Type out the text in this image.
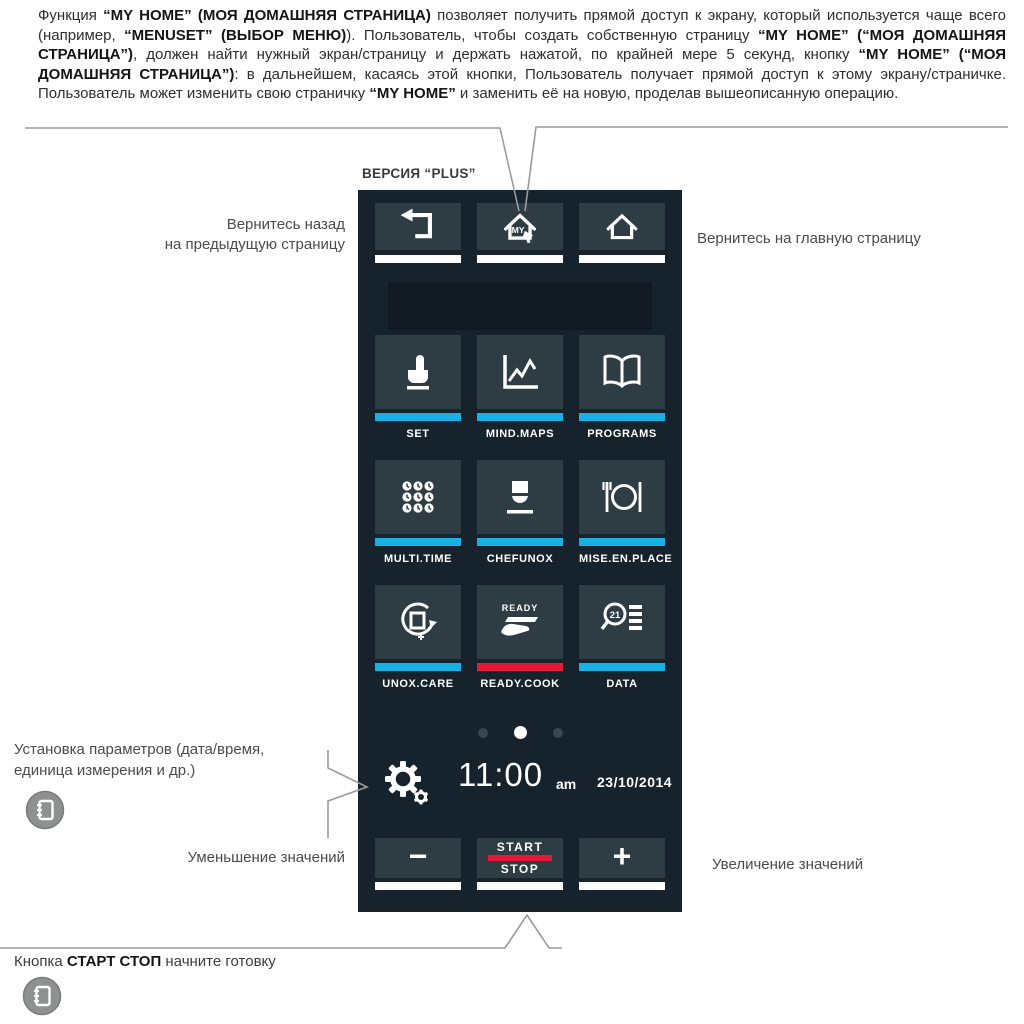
Функция “MY HOME” (МОЯ ДОМАШНЯЯ СТРАНИЦА) позволяет получить прямой доступ к экрану, который используется чаще всего (например, “MENUSET” (ВЫБОР МЕНЮ)). Пользователь, чтобы создать собственную страницу “MY HOME” (“МОЯ ДОМАШНЯЯ СТРАНИЦА”), должен найти нужный экран/страницу и держать нажатой, по крайней мере 5 секунд, кнопку “MY HOME” (“МОЯ ДОМАШНЯЯ СТРАНИЦА”): в дальнейшем, касаясь этой кнопки, Пользователь получает прямой доступ к этому экрану/страничке. Пользователь может изменить свою страничку “MY HOME” и заменить её на новую, проделав вышеописанную операцию.

ВЕРСИЯ “PLUS”
MY
SET	MIND.MAPS	PROGRAMS
MULTI.TIME	CHEFUNOX	MISE.EN.PLACE
UNOX.CARE
READY
READY.COOK
21
DATA
11:00 am 23/10/2014
−	START
STOP +
Вернитесь назад
на предыдущую страницу	Вернитесь на главную страницу
Установка параметров (дата/время,
единица измерения и др.)
Уменьшение значений	Увеличение значений
Кнопка СТАРТ СТОП начните готовку
